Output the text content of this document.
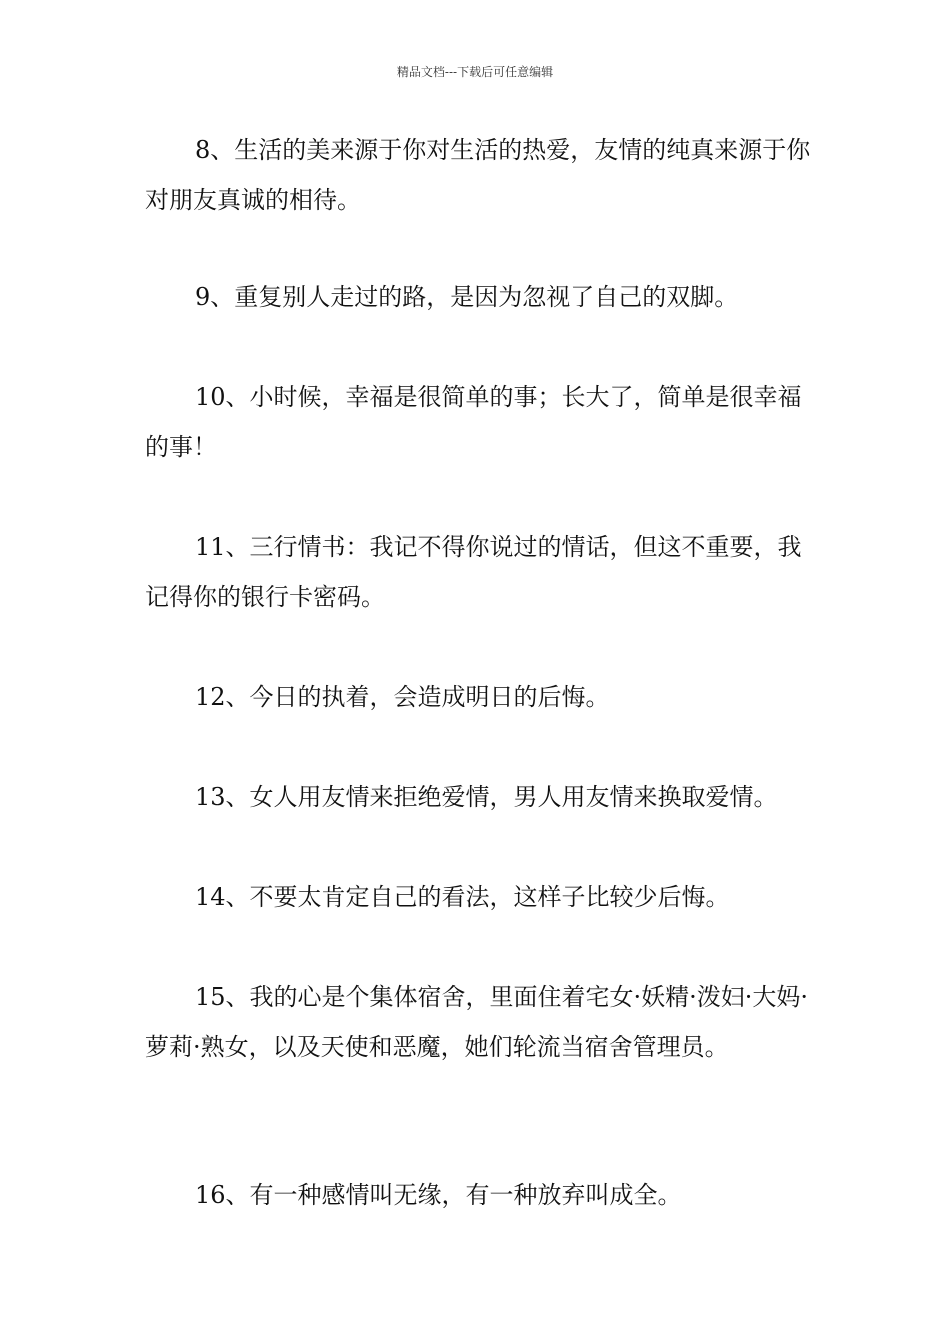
精品文档---下载后可任意编辑

8、生活的美来源于你对生活的热爱，友情的纯真来源于你对朋友真诚的相待。

9、重复别人走过的路，是因为忽视了自己的双脚。

10、小时候，幸福是很简单的事；长大了，简单是很幸福的事！

11、三行情书：我记不得你说过的情话，但这不重要，我记得你的银行卡密码。

12、今日的执着，会造成明日的后悔。

13、女人用友情来拒绝爱情，男人用友情来换取爱情。

14、不要太肯定自己的看法，这样子比较少后悔。

15、我的心是个集体宿舍，里面住着宅女·妖精·泼妇·大妈·萝莉·熟女，以及天使和恶魔，她们轮流当宿舍管理员。

16、有一种感情叫无缘，有一种放弃叫成全。
